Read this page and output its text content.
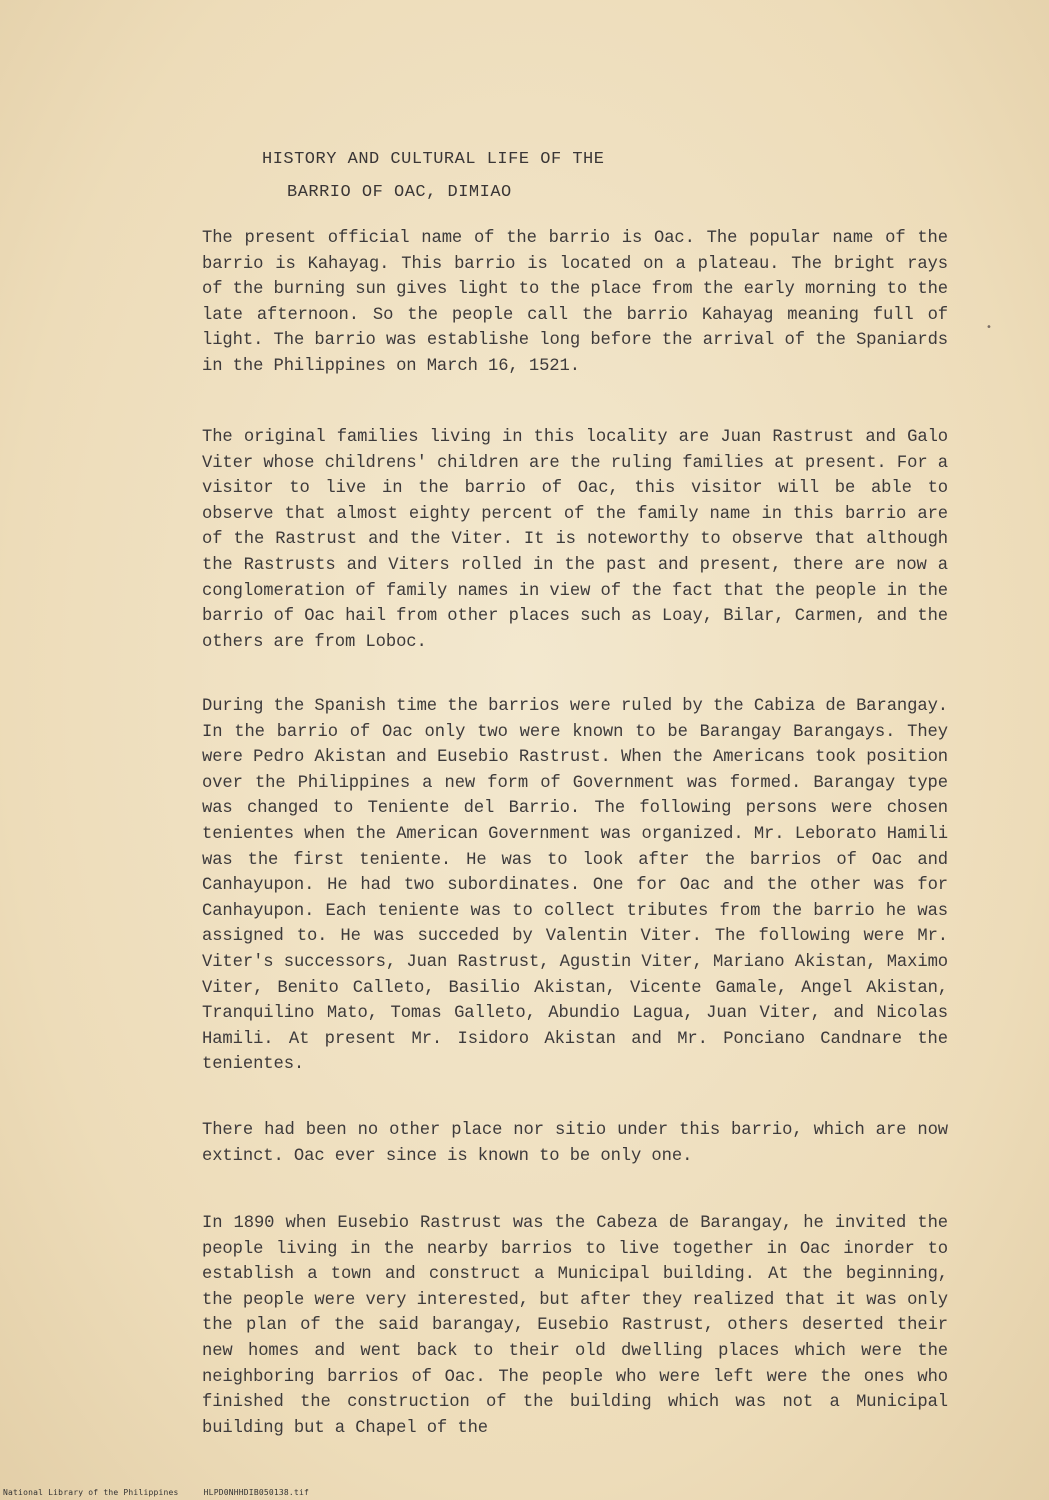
HISTORY AND CULTURAL LIFE OF THE
BARRIO OF OAC, DIMIAO

The present official name of the barrio is Oac. The popular name of the barrio is Kahayag. This barrio is located on a plateau. The bright rays of the burning sun gives light to the place from the early morning to the late afternoon. So the people call the barrio Kahayag meaning full of light. The barrio was establishe long before the arrival of the Spaniards in the Philippines on March 16, 1521.

The original families living in this locality are Juan Rastrust and Galo Viter whose childrens' children are the ruling families at present. For a visitor to live in the barrio of Oac, this visitor will be able to observe that almost eighty percent of the family name in this barrio are of the Rastrust and the Viter. It is noteworthy to observe that although the Rastrusts and Viters rolled in the past and present, there are now a conglomeration of family names in view of the fact that the people in the barrio of Oac hail from other places such as Loay, Bilar, Carmen, and the others are from Loboc.

During the Spanish time the barrios were ruled by the Cabiza de Barangay. In the barrio of Oac only two were known to be Barangay Barangays. They were Pedro Akistan and Eusebio Rastrust. When the Americans took position over the Philippines a new form of Government was formed. Barangay type was changed to Teniente del Barrio. The following persons were chosen tenientes when the American Government was organized. Mr. Leborato Hamili was the first teniente. He was to look after the barrios of Oac and Canhayupon. He had two subordinates. One for Oac and the other was for Canhayupon. Each teniente was to collect tributes from the barrio he was assigned to. He was succeded by Valentin Viter. The following were Mr. Viter's successors, Juan Rastrust, Agustin Viter, Mariano Akistan, Maximo Viter, Benito Calleto, Basilio Akistan, Vicente Gamale, Angel Akistan, Tranquilino Mato, Tomas Galleto, Abundio Lagua, Juan Viter, and Nicolas Hamili. At present Mr. Isidoro Akistan and Mr. Ponciano Candnare the tenientes.

There had been no other place nor sitio under this barrio, which are now extinct. Oac ever since is known to be only one.

In 1890 when Eusebio Rastrust was the Cabeza de Barangay, he invited the people living in the nearby barrios to live together in Oac inorder to establish a town and construct a Municipal building. At the beginning, the people were very interested, but after they realized that it was only the plan of the said barangay, Eusebio Rastrust, others deserted their new homes and went back to their old dwelling places which were the neighboring barrios of Oac. The people who were left were the ones who finished the construction of the building which was not a Municipal building but a Chapel of the

•
National Library of the Philippines     HLPD0NHHDIB050138.tif
